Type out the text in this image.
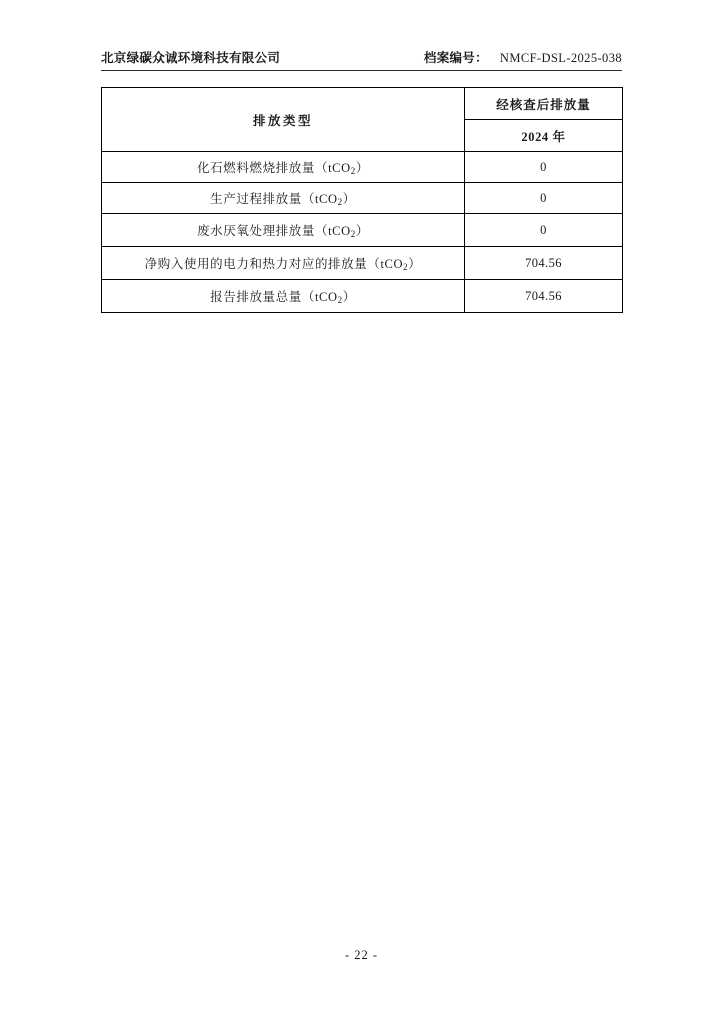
北京绿碳众诚环境科技有限公司	档案编号： NMCF-DSL-2025-038
排放类型	经核查后排放量
	2024 年
化石燃料燃烧排放量（tCO$_2$）	0
生产过程排放量（tCO$_2$）	0
废水厌氧处理排放量（tCO$_2$）	0
净购入使用的电力和热力对应的排放量（tCO$_2$）	704.56
报告排放量总量（tCO$_2$）	704.56
- 22 -
